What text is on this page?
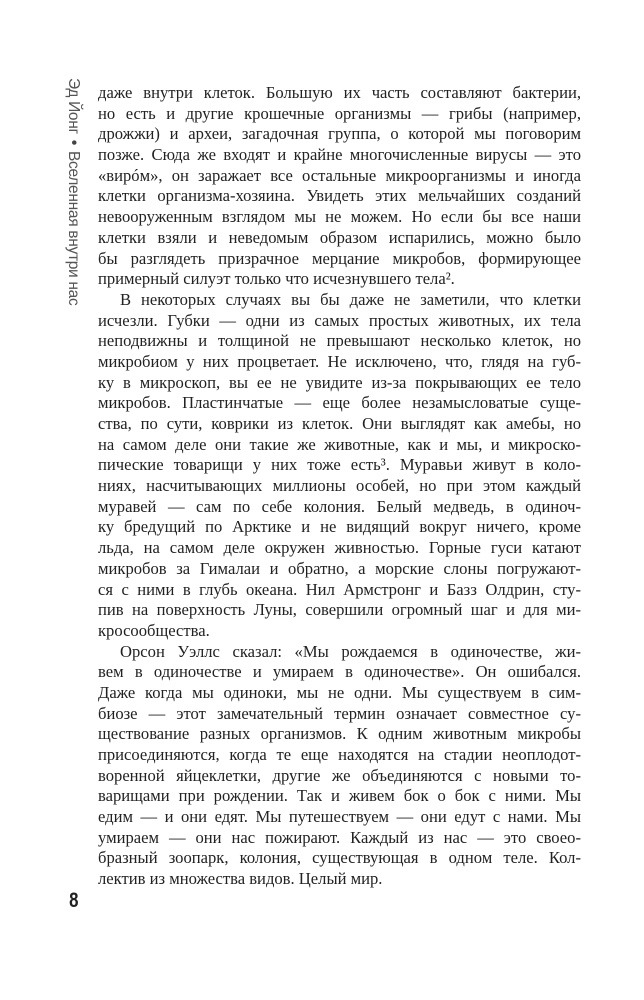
Эд Йонг•Вселенная внутри нас
даже внутри клеток. Большую их часть составляют бактерии,
но есть и другие крошечные организмы — грибы (например,
дрожжи) и археи, загадочная группа, о которой мы поговорим
позже. Сюда же входят и крайне многочисленные вирусы — это
«вирóм», он заражает все остальные микроорганизмы и иногда
клетки организма-хозяина. Увидеть этих мельчайших созданий
невооруженным взглядом мы не можем. Но если бы все наши
клетки взяли и неведомым образом испарились, можно было
бы разглядеть призрачное мерцание микробов, формирующее
примерный силуэт только что исчезнувшего тела².
В некоторых случаях вы бы даже не заметили, что клетки
исчезли. Губки — одни из самых простых животных, их тела
неподвижны и толщиной не превышают несколько клеток, но
микробиом у них процветает. Не исключено, что, глядя на губ-
ку в микроскоп, вы ее не увидите из-за покрывающих ее тело
микробов. Пластинчатые — еще более незамысловатые суще-
ства, по сути, коврики из клеток. Они выглядят как амебы, но
на самом деле они такие же животные, как и мы, и микроско-
пические товарищи у них тоже есть³. Муравьи живут в коло-
ниях, насчитывающих миллионы особей, но при этом каждый
муравей — сам по себе колония. Белый медведь, в одиноч-
ку бредущий по Арктике и не видящий вокруг ничего, кроме
льда, на самом деле окружен живностью. Горные гуси катают
микробов за Гималаи и обратно, а морские слоны погружают-
ся с ними в глубь океана. Нил Армстронг и Базз Олдрин, сту-
пив на поверхность Луны, совершили огромный шаг и для ми-
кросообщества.
Орсон Уэллс сказал: «Мы рождаемся в одиночестве, жи-
вем в одиночестве и умираем в одиночестве». Он ошибался.
Даже когда мы одиноки, мы не одни. Мы существуем в сим-
биозе — этот замечательный термин означает совместное су-
ществование разных организмов. К одним животным микробы
присоединяются, когда те еще находятся на стадии неоплодот-
воренной яйцеклетки, другие же объединяются с новыми то-
варищами при рождении. Так и живем бок о бок с ними. Мы
едим — и они едят. Мы путешествуем — они едут с нами. Мы
умираем — они нас пожирают. Каждый из нас — это своео-
бразный зоопарк, колония, существующая в одном теле. Кол-
лектив из множества видов. Целый мир.
8
